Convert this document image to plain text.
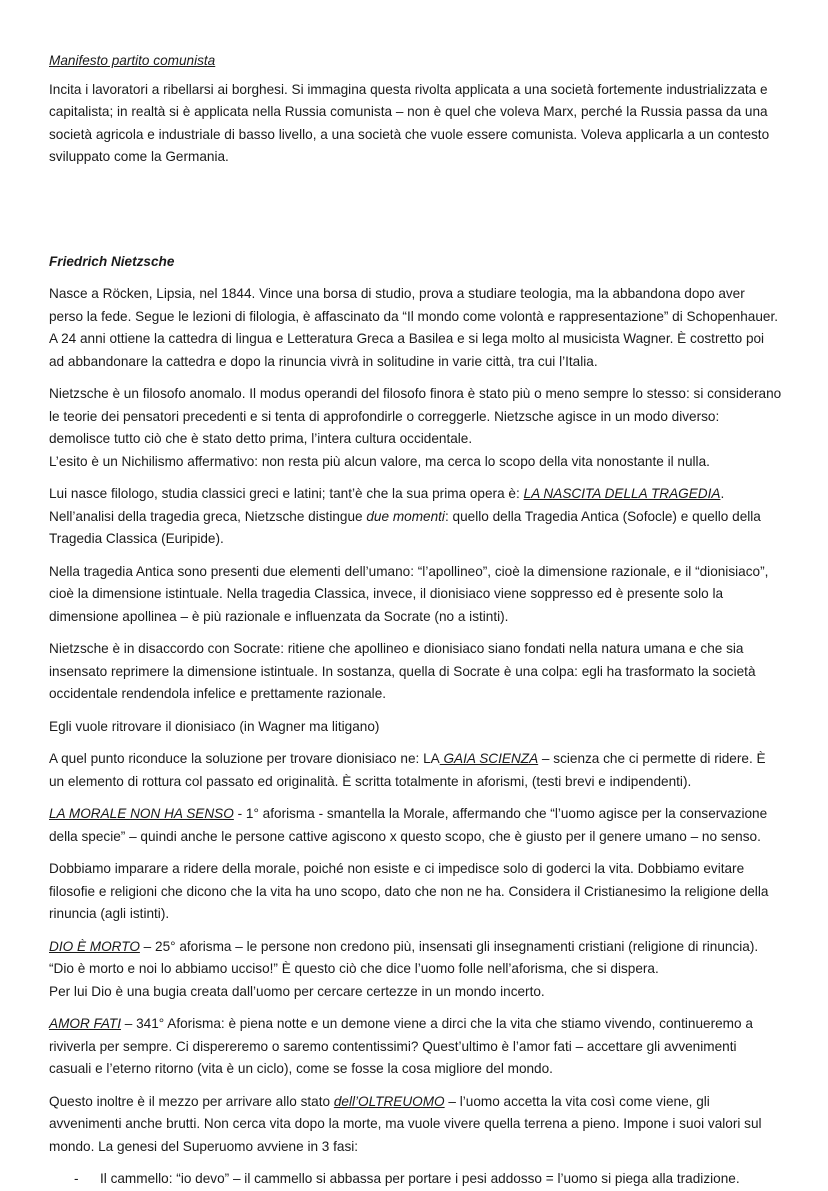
Manifesto partito comunista

Incita i lavoratori a ribellarsi ai borghesi. Si immagina questa rivolta applicata a una società fortemente industrializzata e capitalista; in realtà si è applicata nella Russia comunista – non è quel che voleva Marx, perché la Russia passa da una società agricola e industriale di basso livello, a una società che vuole essere comunista. Voleva applicarla a un contesto sviluppato come la Germania.

Friedrich Nietzsche

Nasce a Röcken, Lipsia, nel 1844. Vince una borsa di studio, prova a studiare teologia, ma la abbandona dopo aver perso la fede. Segue le lezioni di filologia, è affascinato da “Il mondo come volontà e rappresentazione” di Schopenhauer. A 24 anni ottiene la cattedra di lingua e Letteratura Greca a Basilea e si lega molto al musicista Wagner. È costretto poi ad abbandonare la cattedra e dopo la rinuncia vivrà in solitudine in varie città, tra cui l’Italia.

Nietzsche è un filosofo anomalo. Il modus operandi del filosofo finora è stato più o meno sempre lo stesso: si considerano le teorie dei pensatori precedenti e si tenta di approfondirle o correggerle. Nietzsche agisce in un modo diverso: demolisce tutto ciò che è stato detto prima, l’intera cultura occidentale.
L’esito è un Nichilismo affermativo: non resta più alcun valore, ma cerca lo scopo della vita nonostante il nulla.

Lui nasce filologo, studia classici greci e latini; tant’è che la sua prima opera è: LA NASCITA DELLA TRAGEDIA. Nell’analisi della tragedia greca, Nietzsche distingue due momenti: quello della Tragedia Antica (Sofocle) e quello della Tragedia Classica (Euripide).

Nella tragedia Antica sono presenti due elementi dell’umano: “l’apollineo”, cioè la dimensione razionale, e il “dionisiaco”, cioè la dimensione istintuale. Nella tragedia Classica, invece, il dionisiaco viene soppresso ed è presente solo la dimensione apollinea – è più razionale e influenzata da Socrate (no a istinti).

Nietzsche è in disaccordo con Socrate: ritiene che apollineo e dionisiaco siano fondati nella natura umana e che sia insensato reprimere la dimensione istintuale. In sostanza, quella di Socrate è una colpa: egli ha trasformato la società occidentale rendendola infelice e prettamente razionale.

Egli vuole ritrovare il dionisiaco (in Wagner ma litigano)

A quel punto riconduce la soluzione per trovare dionisiaco ne: LA GAIA SCIENZA – scienza che ci permette di ridere. È un elemento di rottura col passato ed originalità. È scritta totalmente in aforismi, (testi brevi e indipendenti).

LA MORALE NON HA SENSO - 1° aforisma - smantella la Morale, affermando che “l’uomo agisce per la conservazione della specie” – quindi anche le persone cattive agiscono x questo scopo, che è giusto per il genere umano – no senso.

Dobbiamo imparare a ridere della morale, poiché non esiste e ci impedisce solo di goderci la vita. Dobbiamo evitare filosofie e religioni che dicono che la vita ha uno scopo, dato che non ne ha. Considera il Cristianesimo la religione della rinuncia (agli istinti).

DIO È MORTO – 25° aforisma – le persone non credono più, insensati gli insegnamenti cristiani (religione di rinuncia).
“Dio è morto e noi lo abbiamo ucciso!” È questo ciò che dice l’uomo folle nell’aforisma, che si dispera.
Per lui Dio è una bugia creata dall’uomo per cercare certezze in un mondo incerto.

AMOR FATI – 341° Aforisma: è piena notte e un demone viene a dirci che la vita che stiamo vivendo, continueremo a riviverla per sempre. Ci dispereremo o saremo contentissimi? Quest’ultimo è l’amor fati – accettare gli avvenimenti casuali e l’eterno ritorno (vita è un ciclo), come se fosse la cosa migliore del mondo.

Questo inoltre è il mezzo per arrivare allo stato dell’OLTREUOMO – l’uomo accetta la vita così come viene, gli avvenimenti anche brutti. Non cerca vita dopo la morte, ma vuole vivere quella terrena a pieno. Impone i suoi valori sul mondo. La genesi del Superuomo avviene in 3 fasi:

- Il cammello: “io devo” – il cammello si abbassa per portare i pesi addosso = l’uomo si piega alla tradizione.
